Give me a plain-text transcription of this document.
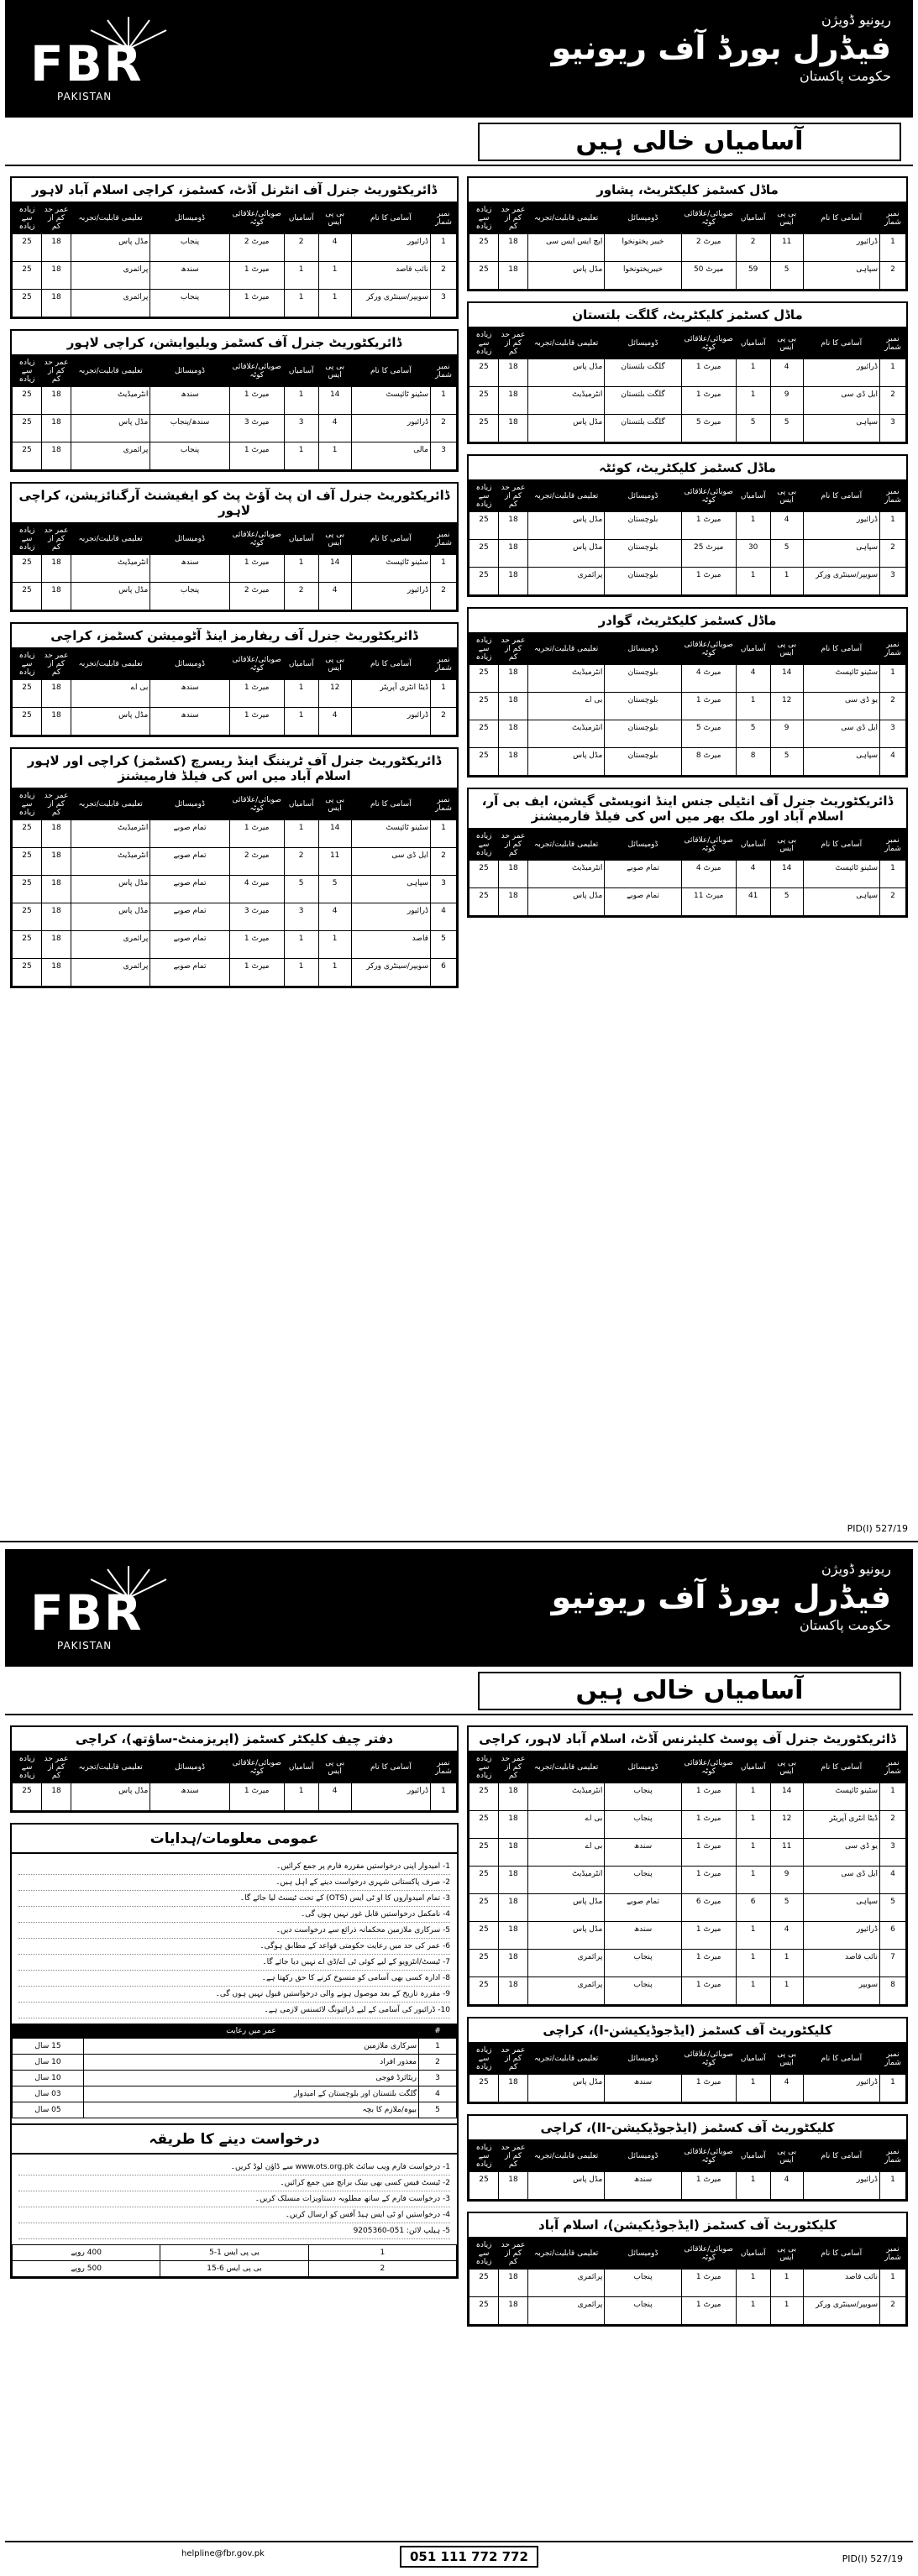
FBR
PAKISTAN
ریونیو ڈویژن
فیڈرل بورڈ آف ریونیو
حکومت پاکستان
آسامیاں خالی ہیں
ماڈل کسٹمز کلیکٹریٹ، پشاور
نمبر شمار	آسامی کا نام	بی پی ایس	آسامیاں	صوبائی/علاقائی کوٹہ	ڈومیسائل	تعلیمی قابلیت/تجربہ	عمر حد کم از کم	زیادہ سے زیادہ
1	ڈرائیور	11	2	میرٹ 2	خیبر پختونخوا	ایچ ایس ایس سی	18	25
2	سپاہی	5	59	میرٹ 50	خیبرپختونخوا	مڈل پاس	18	25
ماڈل کسٹمز کلیکٹریٹ، گلگت بلتستان
نمبر شمار	آسامی کا نام	بی پی ایس	آسامیاں	صوبائی/علاقائی کوٹہ	ڈومیسائل	تعلیمی قابلیت/تجربہ	عمر حد کم از کم	زیادہ سے زیادہ
1	ڈرائیور	4	1	میرٹ 1	گلگت بلتستان	مڈل پاس	18	25
2	ایل ڈی سی	9	1	میرٹ 1	گلگت بلتستان	انٹرمیڈیٹ	18	25
3	سپاہی	5	5	میرٹ 5	گلگت بلتستان	مڈل پاس	18	25
ماڈل کسٹمز کلیکٹریٹ، کوئٹہ
نمبر شمار	آسامی کا نام	بی پی ایس	آسامیاں	صوبائی/علاقائی کوٹہ	ڈومیسائل	تعلیمی قابلیت/تجربہ	عمر حد کم از کم	زیادہ سے زیادہ
1	ڈرائیور	4	1	میرٹ 1	بلوچستان	مڈل پاس	18	25
2	سپاہی	5	30	میرٹ 25	بلوچستان	مڈل پاس	18	25
3	سویپر/سینٹری ورکر	1	1	میرٹ 1	بلوچستان	پرائمری	18	25
ماڈل کسٹمز کلیکٹریٹ، گوادر
نمبر شمار	آسامی کا نام	بی پی ایس	آسامیاں	صوبائی/علاقائی کوٹہ	ڈومیسائل	تعلیمی قابلیت/تجربہ	عمر حد کم از کم	زیادہ سے زیادہ
1	سٹینو ٹائپسٹ	14	4	میرٹ 4	بلوچستان	انٹرمیڈیٹ	18	25
2	یو ڈی سی	12	1	میرٹ 1	بلوچستان	بی اے	18	25
3	ایل ڈی سی	9	5	میرٹ 5	بلوچستان	انٹرمیڈیٹ	18	25
4	سپاہی	5	8	میرٹ 8	بلوچستان	مڈل پاس	18	25
ڈائریکٹوریٹ جنرل آف انٹیلی جنس اینڈ انویسٹی گیشن، ایف بی آر، اسلام آباد اور ملک بھر میں اس کی فیلڈ فارمیشنز
نمبر شمار	آسامی کا نام	بی پی ایس	آسامیاں	صوبائی/علاقائی کوٹہ	ڈومیسائل	تعلیمی قابلیت/تجربہ	عمر حد کم از کم	زیادہ سے زیادہ
1	سٹینو ٹائپسٹ	14	4	میرٹ 4	تمام صوبے	انٹرمیڈیٹ	18	25
2	سپاہی	5	41	میرٹ 11	تمام صوبے	مڈل پاس	18	25
ڈائریکٹوریٹ جنرل آف انٹرنل آڈٹ، کسٹمز، کراچی اسلام آباد لاہور
نمبر شمار	آسامی کا نام	بی پی ایس	آسامیاں	صوبائی/علاقائی کوٹہ	ڈومیسائل	تعلیمی قابلیت/تجربہ	عمر حد کم از کم	زیادہ سے زیادہ
1	ڈرائیور	4	2	میرٹ 2	پنجاب	مڈل پاس	18	25
2	نائب قاصد	1	1	میرٹ 1	سندھ	پرائمری	18	25
3	سویپر/سینٹری ورکر	1	1	میرٹ 1	پنجاب	پرائمری	18	25
ڈائریکٹوریٹ جنرل آف کسٹمز ویلیوایشن، کراچی لاہور
نمبر شمار	آسامی کا نام	بی پی ایس	آسامیاں	صوبائی/علاقائی کوٹہ	ڈومیسائل	تعلیمی قابلیت/تجربہ	عمر حد کم از کم	زیادہ سے زیادہ
1	سٹینو ٹائپسٹ	14	1	میرٹ 1	سندھ	انٹرمیڈیٹ	18	25
2	ڈرائیور	4	3	میرٹ 3	سندھ/پنجاب	مڈل پاس	18	25
3	مالی	1	1	میرٹ 1	پنجاب	پرائمری	18	25
ڈائریکٹوریٹ جنرل آف ان پٹ آؤٹ پٹ کو ایفیشنٹ آرگنائزیشن، کراچی لاہور
نمبر شمار	آسامی کا نام	بی پی ایس	آسامیاں	صوبائی/علاقائی کوٹہ	ڈومیسائل	تعلیمی قابلیت/تجربہ	عمر حد کم از کم	زیادہ سے زیادہ
1	سٹینو ٹائپسٹ	14	1	میرٹ 1	سندھ	انٹرمیڈیٹ	18	25
2	ڈرائیور	4	2	میرٹ 2	پنجاب	مڈل پاس	18	25
ڈائریکٹوریٹ جنرل آف ریفارمز اینڈ آٹومیشن کسٹمز، کراچی
نمبر شمار	آسامی کا نام	بی پی ایس	آسامیاں	صوبائی/علاقائی کوٹہ	ڈومیسائل	تعلیمی قابلیت/تجربہ	عمر حد کم از کم	زیادہ سے زیادہ
1	ڈیٹا انٹری آپریٹر	12	1	میرٹ 1	سندھ	بی اے	18	25
2	ڈرائیور	4	1	میرٹ 1	سندھ	مڈل پاس	18	25
ڈائریکٹوریٹ جنرل آف ٹریننگ اینڈ ریسرچ (کسٹمز) کراچی اور لاہور اسلام آباد میں اس کی فیلڈ فارمیشنز
نمبر شمار	آسامی کا نام	بی پی ایس	آسامیاں	صوبائی/علاقائی کوٹہ	ڈومیسائل	تعلیمی قابلیت/تجربہ	عمر حد کم از کم	زیادہ سے زیادہ
1	سٹینو ٹائپسٹ	14	1	میرٹ 1	تمام صوبے	انٹرمیڈیٹ	18	25
2	ایل ڈی سی	11	2	میرٹ 2	تمام صوبے	انٹرمیڈیٹ	18	25
3	سپاہی	5	5	میرٹ 4	تمام صوبے	مڈل پاس	18	25
4	ڈرائیور	4	3	میرٹ 3	تمام صوبے	مڈل پاس	18	25
5	قاصد	1	1	میرٹ 1	تمام صوبے	پرائمری	18	25
6	سویپر/سینٹری ورکر	1	1	میرٹ 1	تمام صوبے	پرائمری	18	25
PID(I) 527/19
FBR
PAKISTAN
ریونیو ڈویژن
فیڈرل بورڈ آف ریونیو
حکومت پاکستان
آسامیاں خالی ہیں
ڈائریکٹوریٹ جنرل آف پوسٹ کلیئرنس آڈٹ، اسلام آباد لاہور، کراچی
نمبر شمار	آسامی کا نام	بی پی ایس	آسامیاں	صوبائی/علاقائی کوٹہ	ڈومیسائل	تعلیمی قابلیت/تجربہ	عمر حد کم از کم	زیادہ سے زیادہ
1	سٹینو ٹائپسٹ	14	1	میرٹ 1	پنجاب	انٹرمیڈیٹ	18	25
2	ڈیٹا انٹری آپریٹر	12	1	میرٹ 1	پنجاب	بی اے	18	25
3	یو ڈی سی	11	1	میرٹ 1	سندھ	بی اے	18	25
4	ایل ڈی سی	9	1	میرٹ 1	پنجاب	انٹرمیڈیٹ	18	25
5	سپاہی	5	6	میرٹ 6	تمام صوبے	مڈل پاس	18	25
6	ڈرائیور	4	1	میرٹ 1	سندھ	مڈل پاس	18	25
7	نائب قاصد	1	1	میرٹ 1	پنجاب	پرائمری	18	25
8	سویپر	1	1	میرٹ 1	پنجاب	پرائمری	18	25
کلیکٹوریٹ آف کسٹمز (ایڈجوڈیکیشن-I)، کراچی
نمبر شمار	آسامی کا نام	بی پی ایس	آسامیاں	صوبائی/علاقائی کوٹہ	ڈومیسائل	تعلیمی قابلیت/تجربہ	عمر حد کم از کم	زیادہ سے زیادہ
1	ڈرائیور	4	1	میرٹ 1	سندھ	مڈل پاس	18	25
کلیکٹوریٹ آف کسٹمز (ایڈجوڈیکیشن-II)، کراچی
نمبر شمار	آسامی کا نام	بی پی ایس	آسامیاں	صوبائی/علاقائی کوٹہ	ڈومیسائل	تعلیمی قابلیت/تجربہ	عمر حد کم از کم	زیادہ سے زیادہ
1	ڈرائیور	4	1	میرٹ 1	سندھ	مڈل پاس	18	25
کلیکٹوریٹ آف کسٹمز (ایڈجوڈیکیشن)، اسلام آباد
نمبر شمار	آسامی کا نام	بی پی ایس	آسامیاں	صوبائی/علاقائی کوٹہ	ڈومیسائل	تعلیمی قابلیت/تجربہ	عمر حد کم از کم	زیادہ سے زیادہ
1	نائب قاصد	1	1	میرٹ 1	پنجاب	پرائمری	18	25
2	سویپر/سینٹری ورکر	1	1	میرٹ 1	پنجاب	پرائمری	18	25
دفتر چیف کلیکٹر کسٹمز (اپریزمنٹ-ساؤتھ)، کراچی
نمبر شمار	آسامی کا نام	بی پی ایس	آسامیاں	صوبائی/علاقائی کوٹہ	ڈومیسائل	تعلیمی قابلیت/تجربہ	عمر حد کم از کم	زیادہ سے زیادہ
1	ڈرائیور	4	1	میرٹ 1	سندھ	مڈل پاس	18	25
عمومی معلومات/ہدایات
1- امیدوار اپنی درخواستیں مقررہ فارم پر جمع کرائیں۔
2- صرف پاکستانی شہری درخواست دینے کے اہل ہیں۔
3- تمام امیدواروں کا او ٹی ایس (OTS) کے تحت ٹیسٹ لیا جائے گا۔
4- نامکمل درخواستیں قابل غور نہیں ہوں گی۔
5- سرکاری ملازمین محکمانہ ذرائع سے درخواست دیں۔
6- عمر کی حد میں رعایت حکومتی قواعد کے مطابق ہوگی۔
7- ٹیسٹ/انٹرویو کے لیے کوئی ٹی اے/ڈی اے نہیں دیا جائے گا۔
8- ادارہ کسی بھی آسامی کو منسوخ کرنے کا حق رکھتا ہے۔
9- مقررہ تاریخ کے بعد موصول ہونے والی درخواستیں قبول نہیں ہوں گی۔
10- ڈرائیور کی آسامی کے لیے ڈرائیونگ لائسنس لازمی ہے۔
#	عمر میں رعایت	
1	سرکاری ملازمین	15 سال
2	معذور افراد	10 سال
3	ریٹائرڈ فوجی	10 سال
4	گلگت بلتستان اور بلوچستان کے امیدوار	03 سال
5	بیوہ/ملازم کا بچہ	05 سال
درخواست دینے کا طریقہ
1- درخواست فارم ویب سائٹ www.ots.org.pk سے ڈاؤن لوڈ کریں۔
2- ٹیسٹ فیس کسی بھی بینک برانچ میں جمع کرائیں۔
3- درخواست فارم کے ساتھ مطلوبہ دستاویزات منسلک کریں۔
4- درخواستیں او ٹی ایس ہیڈ آفس کو ارسال کریں۔
5- ہیلپ لائن: 051-9205360
1	بی پی ایس 1-5	400 روپے
2	بی پی ایس 6-15	500 روپے
helpline@fbr.gov.pk	051 111 772 772	PID(I) 527/19
